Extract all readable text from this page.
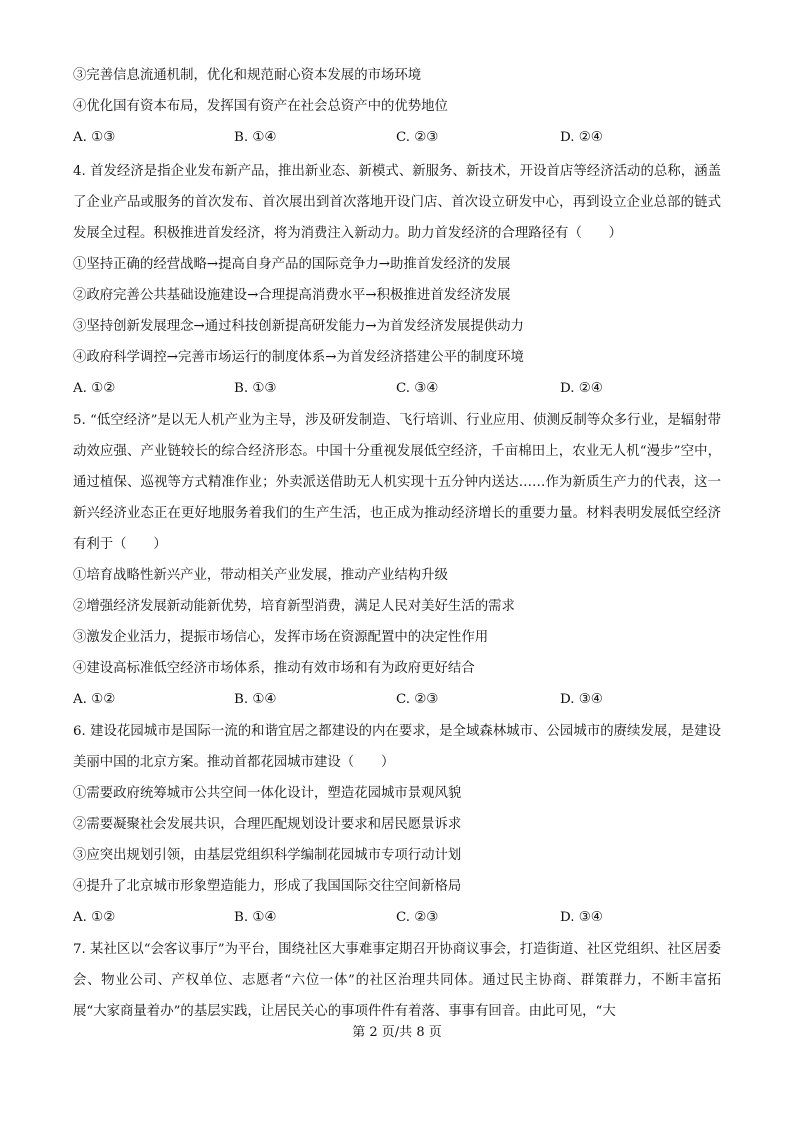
③完善信息流通机制，优化和规范耐心资本发展的市场环境
④优化国有资本布局，发挥国有资产在社会总资产中的优势地位
A. ①③	B. ①④	C. ②③	D. ②④
4. 首发经济是指企业发布新产品，推出新业态、新模式、新服务、新技术，开设首店等经济活动的总称，涵盖了企业产品或服务的首次发布、首次展出到首次落地开设门店、首次设立研发中心，再到设立企业总部的链式发展全过程。积极推进首发经济，将为消费注入新动力。助力首发经济的合理路径有（　　）
①坚持正确的经营战略→提高自身产品的国际竞争力→助推首发经济的发展
②政府完善公共基础设施建设→合理提高消费水平→积极推进首发经济发展
③坚持创新发展理念→通过科技创新提高研发能力→为首发经济发展提供动力
④政府科学调控→完善市场运行的制度体系→为首发经济搭建公平的制度环境
A. ①②	B. ①③	C. ③④	D. ②④
5. “低空经济”是以无人机产业为主导，涉及研发制造、飞行培训、行业应用、侦测反制等众多行业，是辐射带动效应强、产业链较长的综合经济形态。中国十分重视发展低空经济，千亩棉田上，农业无人机“漫步”空中，通过植保、巡视等方式精准作业；外卖派送借助无人机实现十五分钟内送达……作为新质生产力的代表，这一新兴经济业态正在更好地服务着我们的生产生活，也正成为推动经济增长的重要力量。材料表明发展低空经济有利于（　　）
①培育战略性新兴产业，带动相关产业发展，推动产业结构升级
②增强经济发展新动能新优势，培育新型消费，满足人民对美好生活的需求
③激发企业活力，提振市场信心，发挥市场在资源配置中的决定性作用
④建设高标准低空经济市场体系，推动有效市场和有为政府更好结合
A. ①②	B. ①④	C. ②③	D. ③④
6. 建设花园城市是国际一流的和谐宜居之都建设的内在要求，是全域森林城市、公园城市的赓续发展，是建设美丽中国的北京方案。推动首都花园城市建设（　　）
①需要政府统筹城市公共空间一体化设计，塑造花园城市景观风貌
②需要凝聚社会发展共识，合理匹配规划设计要求和居民愿景诉求
③应突出规划引领，由基层党组织科学编制花园城市专项行动计划
④提升了北京城市形象塑造能力，形成了我国国际交往空间新格局
A. ①②	B. ①④	C. ②③	D. ③④
7. 某社区以“会客议事厅”为平台，围绕社区大事难事定期召开协商议事会，打造街道、社区党组织、社区居委会、物业公司、产权单位、志愿者“六位一体”的社区治理共同体。通过民主协商、群策群力，不断丰富拓展“大家商量着办”的基层实践，让居民关心的事项件件有着落、事事有回音。由此可见，“大
第 2 页/共 8 页
